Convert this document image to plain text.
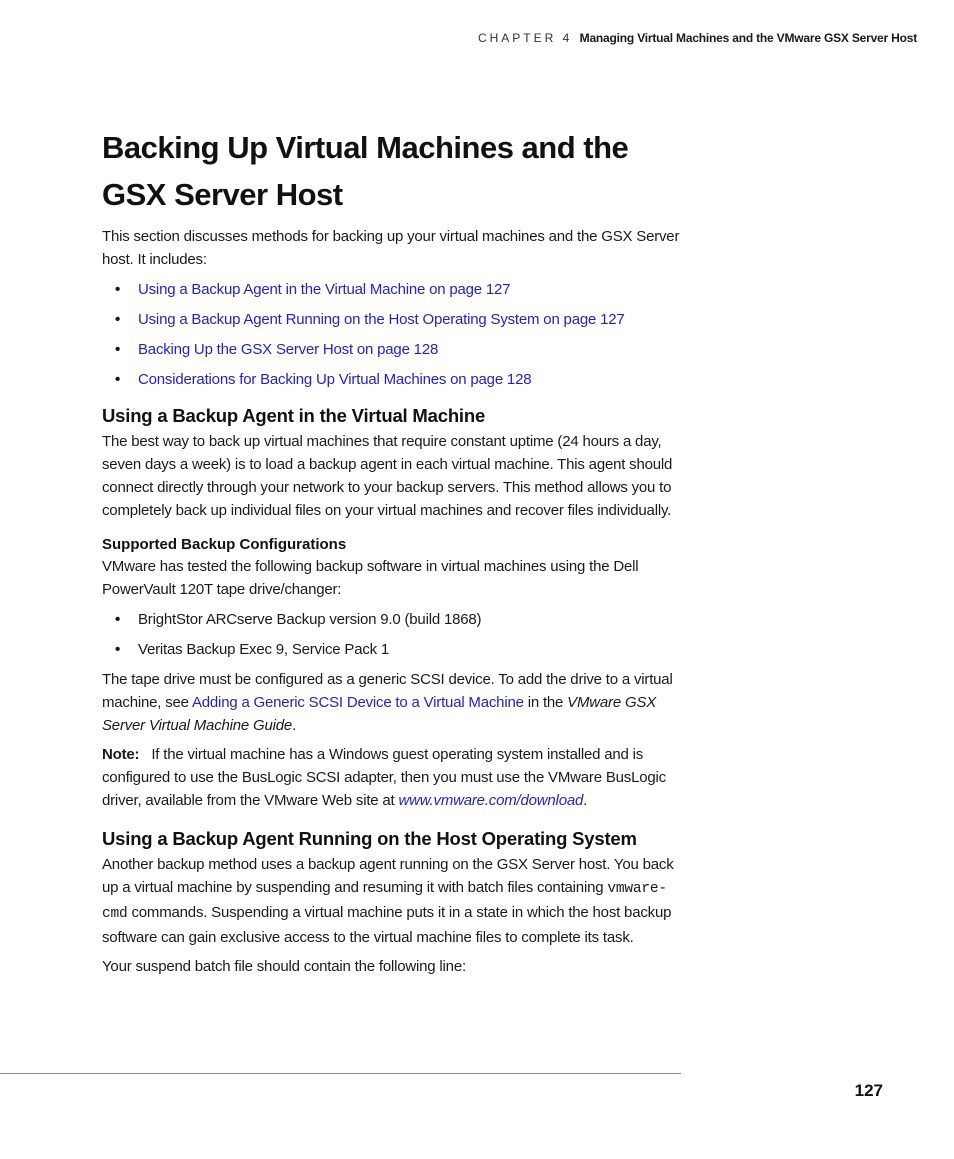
CHAPTER 4 Managing Virtual Machines and the VMware GSX Server Host
Backing Up Virtual Machines and the
GSX Server Host

This section discusses methods for backing up your virtual machines and the GSX Server host. It includes:

• Using a Backup Agent in the Virtual Machine on page 127
• Using a Backup Agent Running on the Host Operating System on page 127
• Backing Up the GSX Server Host on page 128
• Considerations for Backing Up Virtual Machines on page 128
Using a Backup Agent in the Virtual Machine

The best way to back up virtual machines that require constant uptime (24 hours a day, seven days a week) is to load a backup agent in each virtual machine. This agent should connect directly through your network to your backup servers. This method allows you to completely back up individual files on your virtual machines and recover files individually.

Supported Backup Configurations

VMware has tested the following backup software in virtual machines using the Dell PowerVault 120T tape drive/changer:

• BrightStor ARCserve Backup version 9.0 (build 1868)
• Veritas Backup Exec 9, Service Pack 1

The tape drive must be configured as a generic SCSI device. To add the drive to a virtual machine, see Adding a Generic SCSI Device to a Virtual Machine in the VMware GSX Server Virtual Machine Guide.

Note: If the virtual machine has a Windows guest operating system installed and is configured to use the BusLogic SCSI adapter, then you must use the VMware BusLogic driver, available from the VMware Web site at www.vmware.com/download.

Using a Backup Agent Running on the Host Operating System

Another backup method uses a backup agent running on the GSX Server host. You back up a virtual machine by suspending and resuming it with batch files containing vmware-cmd commands. Suspending a virtual machine puts it in a state in which the host backup software can gain exclusive access to the virtual machine files to complete its task.

Your suspend batch file should contain the following line:

127
